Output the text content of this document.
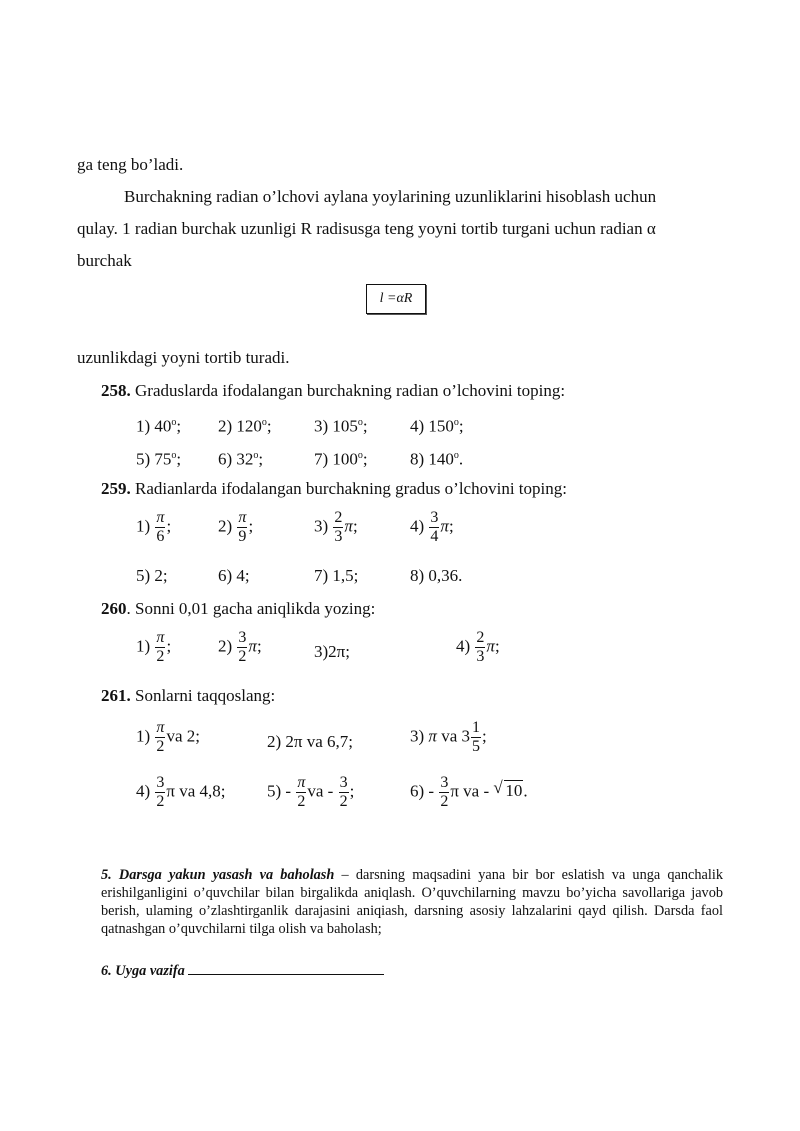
ga teng bo’ladi.
Burchakning radian o’lchovi aylana yoylarining uzunliklarini hisoblash uchun
qulay. 1 radian burchak uzunligi R radisusga teng yoyni tortib turgani uchun radian α
burchak
l =αR
uzunlikdagi yoyni tortib turadi.
258. Graduslarda ifodalangan burchakning radian o’lchovini toping:
1) 40$^o$; 2) 120$^o$; 3) 105$^o$; 4) 150$^o$;
5) 75$^o$; 6) 32$^o$;	7) 100$^o$; 8) 140$^o$.
259. Radianlarda ifodalangan burchakning gradus o’lchovini toping:
$1) \frac{\pi}{6}$ ;	$2) \frac{\pi}{9}$ ;	$3) \frac{2}{3} \pi$;	$4) \frac{3}{4} \pi$;
5) 2;	6) 4;	7) 1,5;	8) 0,36.
260. Sonni 0,01 gacha aniqlikda yozing:
$1) \frac{\pi}{2}$ ;	$2) \frac{3}{2} \pi$;	3)2π;	$4) \frac{2}{3} \pi$;
261. Sonlarni taqqoslang:
$1) \frac{\pi}{2}$ va 2;	2) 2π va 6,7;	3) π va $3 \frac{1}{5}$ ;
$4) \frac{3}{2}$ π va 4,8; $5) - \frac{\pi}{2}$ va - $\frac{3}{2}$ ;	$6) - \frac{3}{2}$ π va - √ 10.
5. Darsga yakun yasash va baholash – darsning maqsadini yana bir bor eslatish va unga qanchalik erishilganligini o’quvchilar bilan birgalikda aniqlash. O’quvchilarning mavzu bo’yicha savollariga javob berish, ulaming o’zlashtirganlik darajasini aniqiash, darsning asosiy lahzalarini qayd qilish. Darsda faol qatnashgan o’quvchilarni tilga olish va baholash;
6. Uyga vazifa
